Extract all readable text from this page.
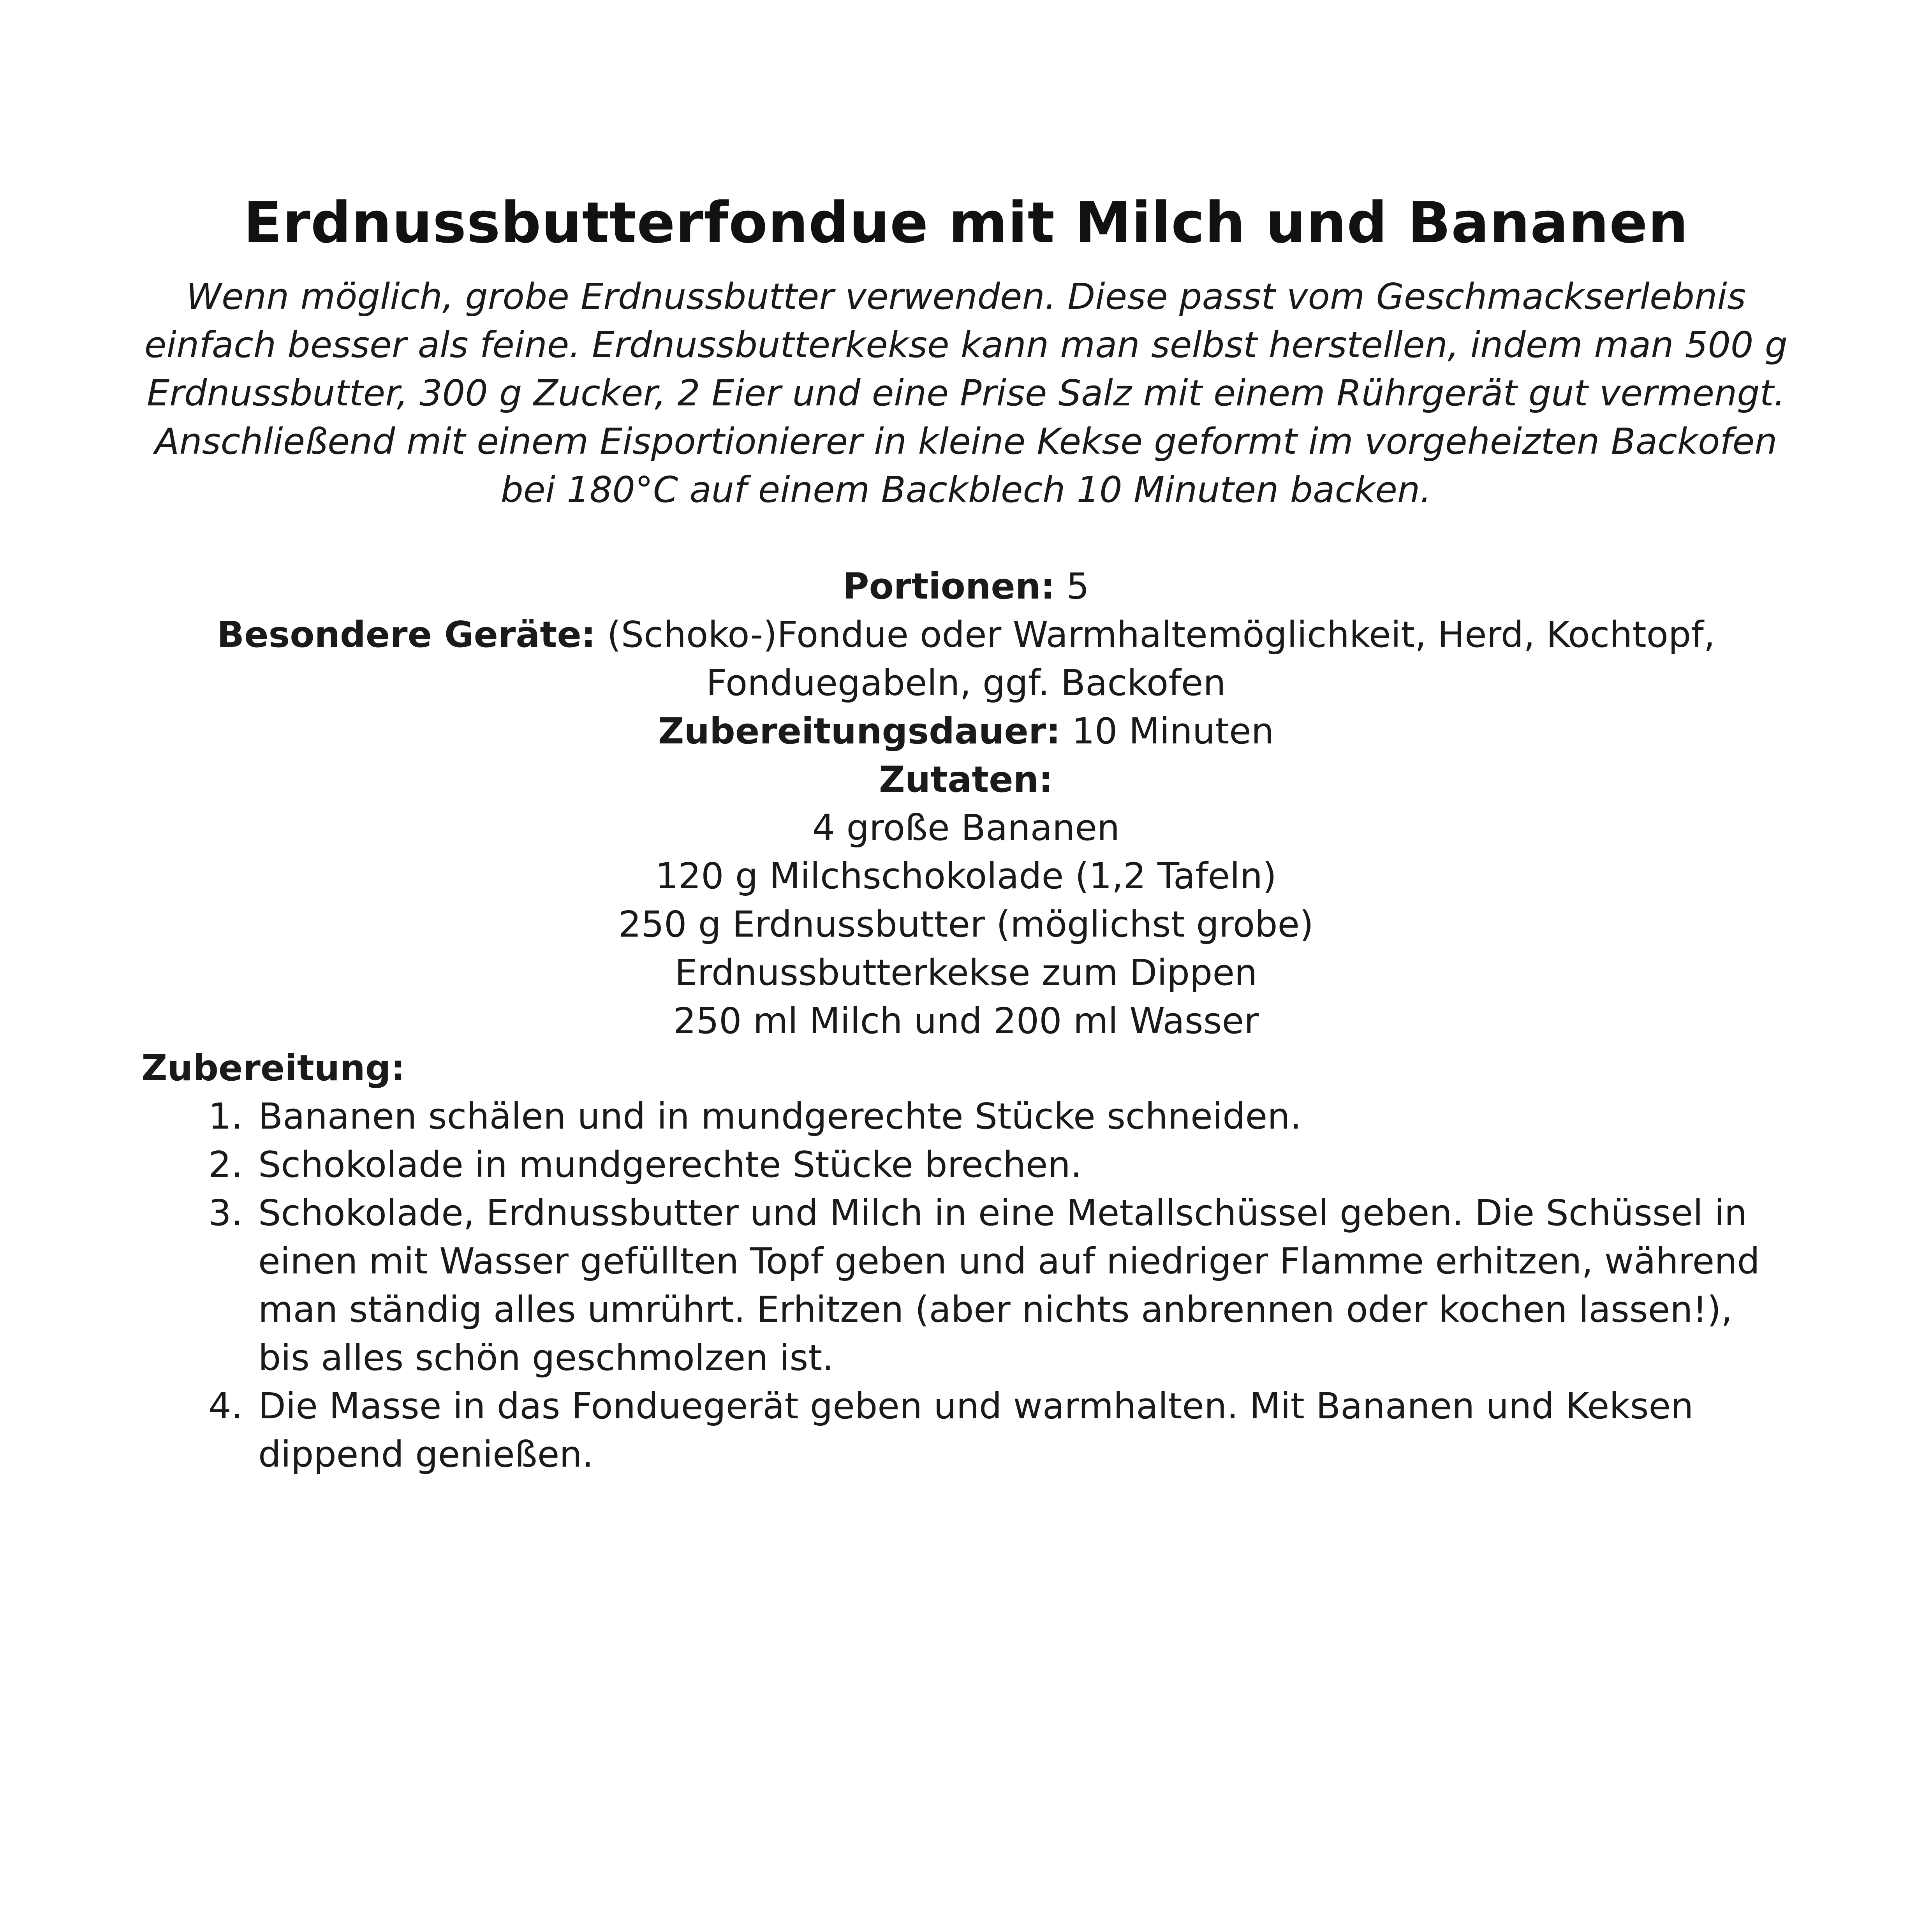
Erdnussbutterfondue mit Milch und Bananen

Wenn möglich, grobe Erdnussbutter verwenden. Diese passt vom Geschmackserlebnis einfach besser als feine. Erdnussbutterkekse kann man selbst herstellen, indem man 500 g Erdnussbutter, 300 g Zucker, 2 Eier und eine Prise Salz mit einem Rührgerät gut vermengt. Anschließend mit einem Eisportionierer in kleine Kekse geformt im vorgeheizten Backofen bei 180°C auf einem Backblech 10 Minuten backen.

Portionen: 5

Besondere Geräte: (Schoko-)Fondue oder Warmhaltemöglichkeit, Herd, Kochtopf, Fonduegabeln, ggf. Backofen

Zubereitungsdauer: 10 Minuten

Zutaten:

4 große Bananen
120 g Milchschokolade (1,2 Tafeln)
250 g Erdnussbutter (möglichst grobe)
Erdnussbutterkekse zum Dippen
250 ml Milch und 200 ml Wasser

Zubereitung:

1. Bananen schälen und in mundgerechte Stücke schneiden.
2. Schokolade in mundgerechte Stücke brechen.
3. Schokolade, Erdnussbutter und Milch in eine Metallschüssel geben. Die Schüssel in einen mit Wasser gefüllten Topf geben und auf niedriger Flamme erhitzen, während man ständig alles umrührt. Erhitzen (aber nichts anbrennen oder kochen lassen!), bis alles schön geschmolzen ist.
4. Die Masse in das Fonduegerät geben und warmhalten. Mit Bananen und Keksen dippend genießen.
